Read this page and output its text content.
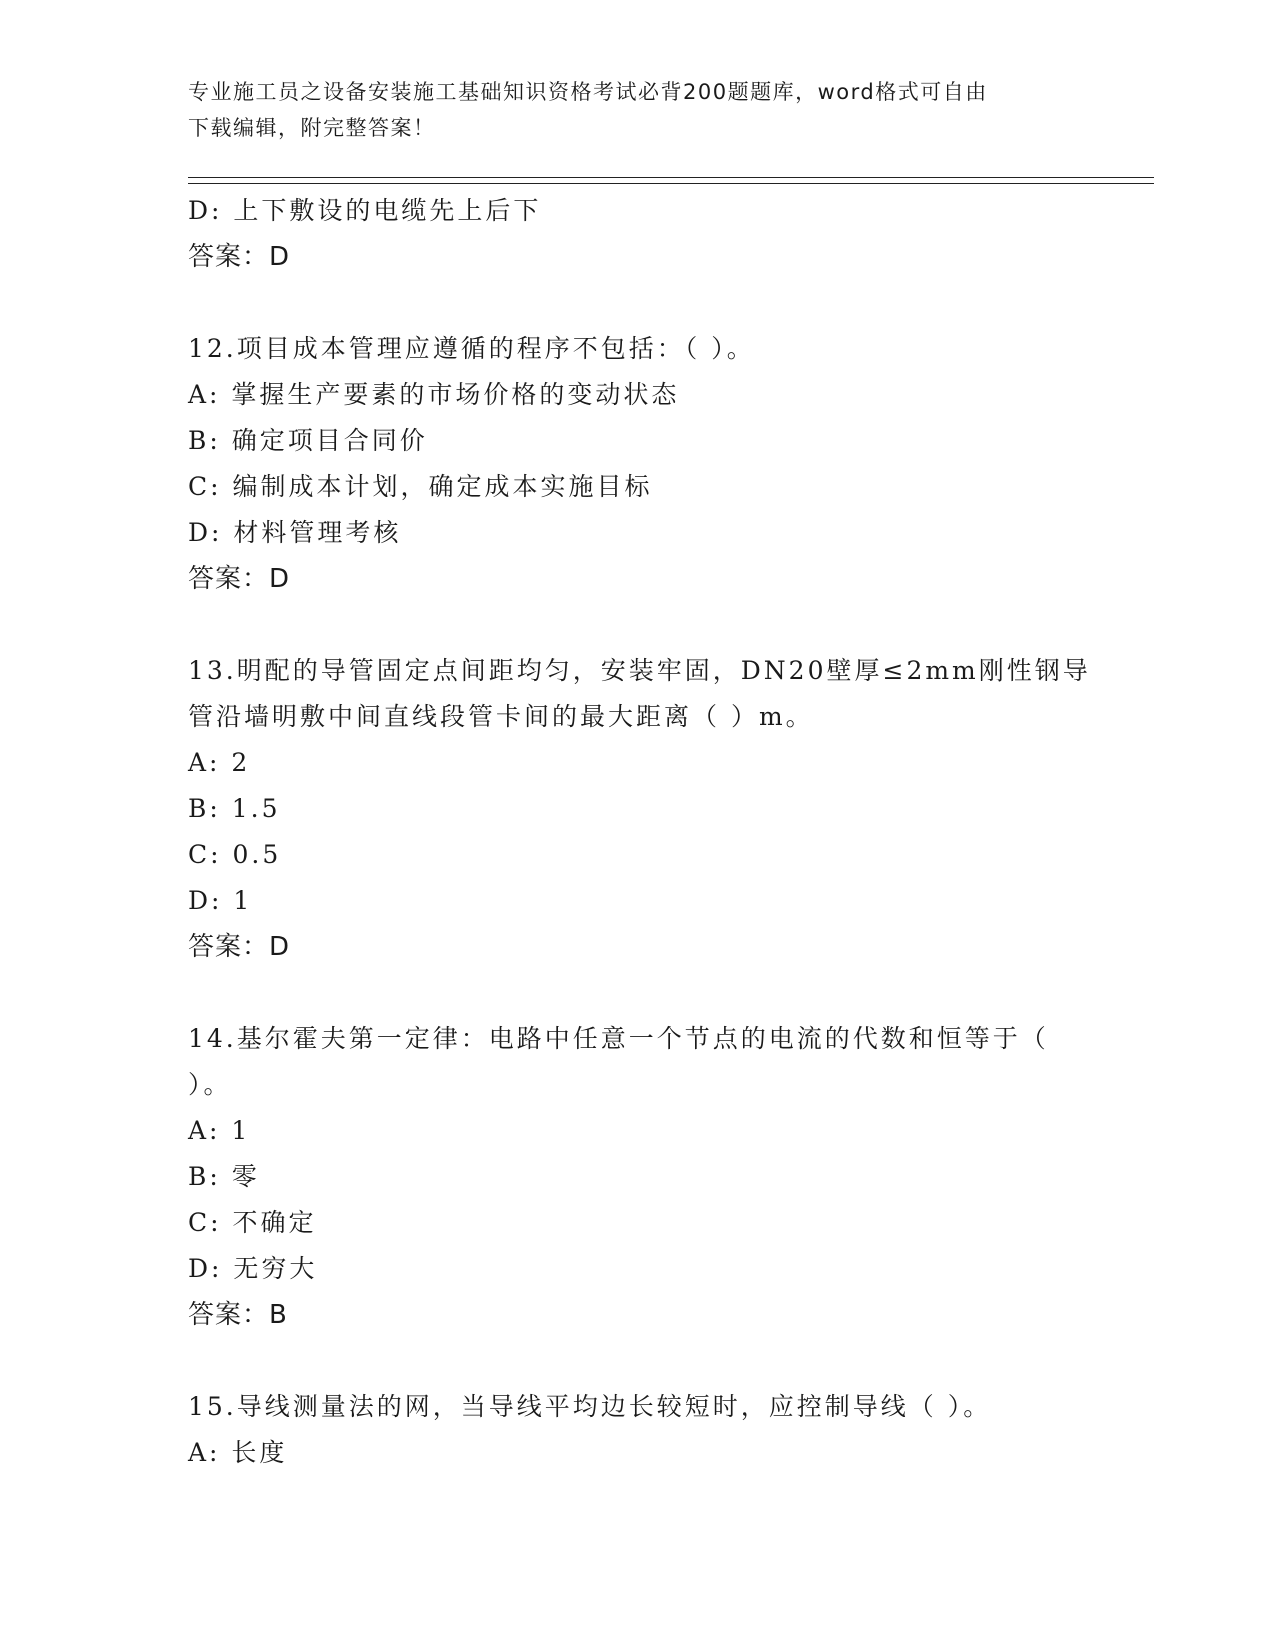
专业施工员之设备安装施工基础知识资格考试必背200题题库，word格式可自由
下载编辑，附完整答案！
D: 上下敷设的电缆先上后下
答案：D
12.项目成本管理应遵循的程序不包括：（ ）。
A: 掌握生产要素的市场价格的变动状态
B: 确定项目合同价
C: 编制成本计划，确定成本实施目标
D: 材料管理考核
答案：D
13.明配的导管固定点间距均匀，安装牢固，DN20壁厚≤2mm刚性钢导
管沿墙明敷中间直线段管卡间的最大距离（ ）m。
A: 2
B: 1.5
C: 0.5
D: 1
答案：D
14.基尔霍夫第一定律：电路中任意一个节点的电流的代数和恒等于（
）。
A: 1
B: 零
C: 不确定
D: 无穷大
答案：B
15.导线测量法的网，当导线平均边长较短时，应控制导线（ ）。
A: 长度
